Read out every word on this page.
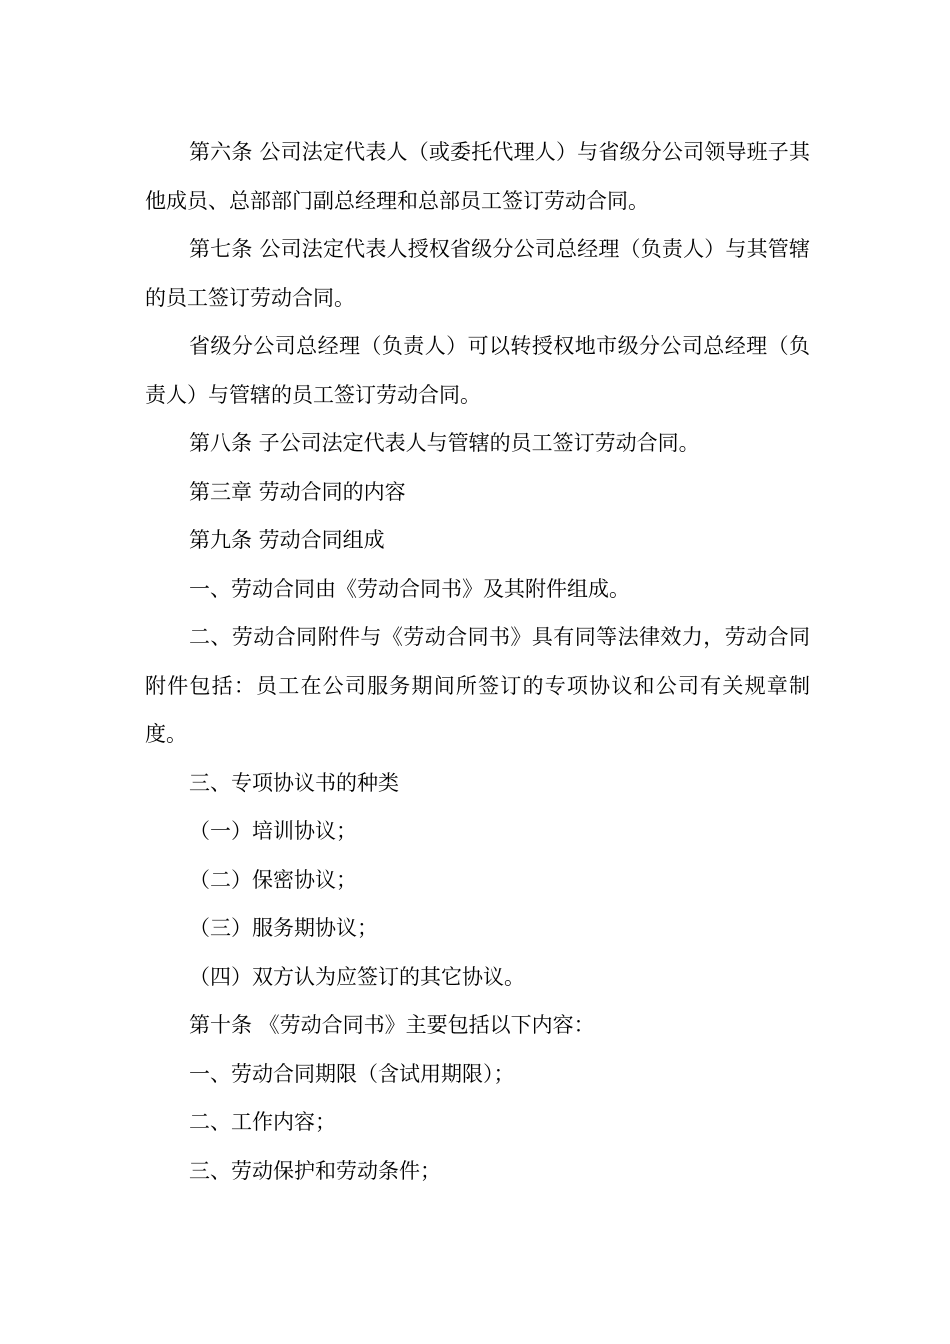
第六条 公司法定代表人（或委托代理人）与省级分公司领导班子其他成员、总部部门副总经理和总部员工签订劳动合同。

第七条 公司法定代表人授权省级分公司总经理（负责人）与其管辖的员工签订劳动合同。

省级分公司总经理（负责人）可以转授权地市级分公司总经理（负责人）与管辖的员工签订劳动合同。

第八条 子公司法定代表人与管辖的员工签订劳动合同。

第三章 劳动合同的内容

第九条 劳动合同组成

一、劳动合同由《劳动合同书》及其附件组成。

二、劳动合同附件与《劳动合同书》具有同等法律效力，劳动合同附件包括：员工在公司服务期间所签订的专项协议和公司有关规章制度。

三、专项协议书的种类

（一）培训协议；

（二）保密协议；

（三）服务期协议；

（四）双方认为应签订的其它协议。

第十条 《劳动合同书》主要包括以下内容：

一、劳动合同期限（含试用期限）；

二、工作内容；

三、劳动保护和劳动条件；
